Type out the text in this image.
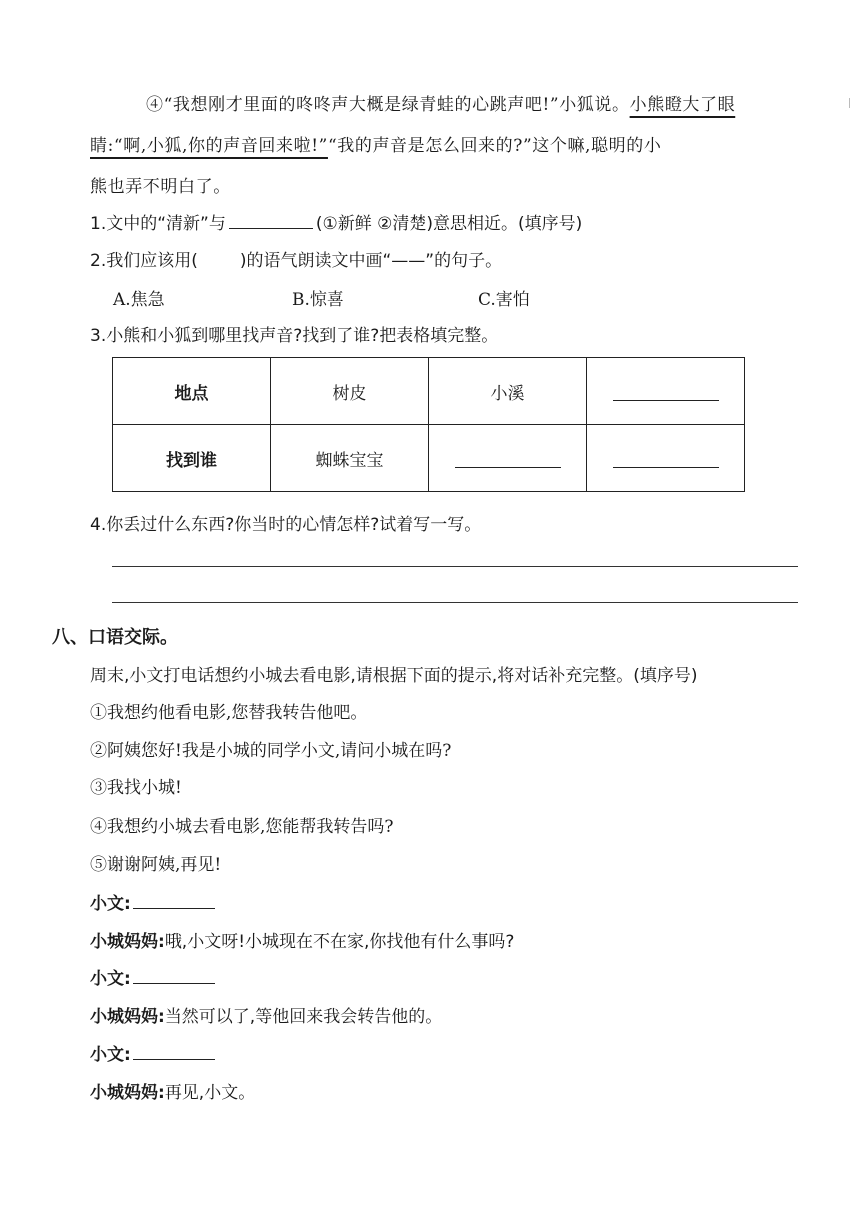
④“我想刚才里面的咚咚声大概是绿青蛙的心跳声吧!”小狐说。小熊瞪大了眼
睛:“啊,小狐,你的声音回来啦!”“我的声音是怎么回来的?”这个嘛,聪明的小
熊也弄不明白了。
1.文中的“清新”与	(①新鲜 ②清楚)意思相近。(填序号)
2.我们应该用( )的语气朗读文中画“——”的句子。
A.焦急	B.惊喜	C.害怕
3.小熊和小狐到哪里找声音?找到了谁?把表格填完整。
地点	树皮	小溪	
找到谁	蜘蛛宝宝		
4.你丢过什么东西?你当时的心情怎样?试着写一写。
八、口语交际。
周末,小文打电话想约小城去看电影,请根据下面的提示,将对话补充完整。(填序号)
①我想约他看电影,您替我转告他吧。
②阿姨您好!我是小城的同学小文,请问小城在吗?
③我找小城!
④我想约小城去看电影,您能帮我转告吗?
⑤谢谢阿姨,再见!
小文:
小城妈妈:哦,小文呀!小城现在不在家,你找他有什么事吗?
小文:
小城妈妈:当然可以了,等他回来我会转告他的。
小文:
小城妈妈:再见,小文。
